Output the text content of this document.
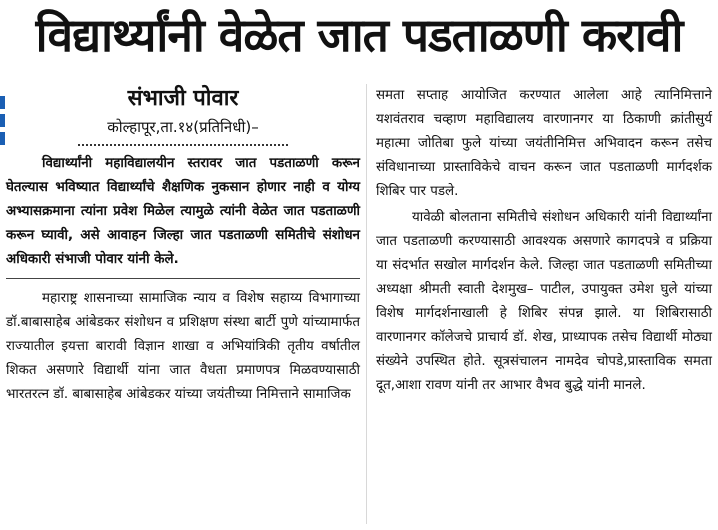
विद्यार्थ्यांनी वेळेत जात पडताळणी करावी
संभाजी पोवार
कोल्हापूर,ता.१४(प्रतिनिधी)–

विद्यार्थ्यांनी महाविद्यालयीन स्तरावर जात पडताळणी करून घेतल्यास भविष्यात विद्यार्थ्यांचे शैक्षणिक नुकसान होणार नाही व योग्य अभ्यासक्रमाना त्यांना प्रवेश मिळेल त्यामुळे त्यांनी वेळेत जात पडताळणी करून घ्यावी, असे आवाहन जिल्हा जात पडताळणी समितीचे संशोधन अधिकारी संभाजी पोवार यांनी केले.

महाराष्ट्र शासनाच्या सामाजिक न्याय व विशेष सहाय्य विभागाच्या डॉ.बाबासाहेब आंबेडकर संशोधन व प्रशिक्षण संस्था बार्टी पुणे यांच्यामार्फत राज्यातील इयत्ता बारावी विज्ञान शाखा व अभियांत्रिकी तृतीय वर्षातील शिकत असणारे विद्यार्थी यांना जात वैधता प्रमाणपत्र मिळवण्यासाठी भारतरत्न डॉ. बाबासाहेब आंबेडकर यांच्या जयंतीच्या निमित्ताने सामाजिक

समता सप्ताह आयोजित करण्यात आलेला आहे त्यानिमित्ताने यशवंतराव चव्हाण महाविद्यालय वारणानगर या ठिकाणी क्रांतीसुर्य महात्मा जोतिबा फुले यांच्या जयंतीनिमित्त अभिवादन करून तसेच संविधानाच्या प्रास्ताविकेचे वाचन करून जात पडताळणी मार्गदर्शक शिबिर पार पडले.

यावेळी बोलताना समितीचे संशोधन अधिकारी यांनी विद्यार्थ्यांना जात पडताळणी करण्यासाठी आवश्यक असणारे कागदपत्रे व प्रक्रिया या संदर्भात सखोल मार्गदर्शन केले. जिल्हा जात पडताळणी समितीच्या अध्यक्षा श्रीमती स्वाती देशमुख– पाटील, उपायुक्त उमेश घुले यांच्या विशेष मार्गदर्शनाखाली हे शिबिर संपन्न झाले. या शिबिरासाठी वारणानगर कॉलेजचे प्राचार्य डॉ. शेख, प्राध्यापक तसेच विद्यार्थी मोठ्या संख्येने उपस्थित होते. सूत्रसंचालन नामदेव चोपडे,प्रास्ताविक समता दूत,आशा रावण यांनी तर आभार वैभव बुद्धे यांनी मानले.
